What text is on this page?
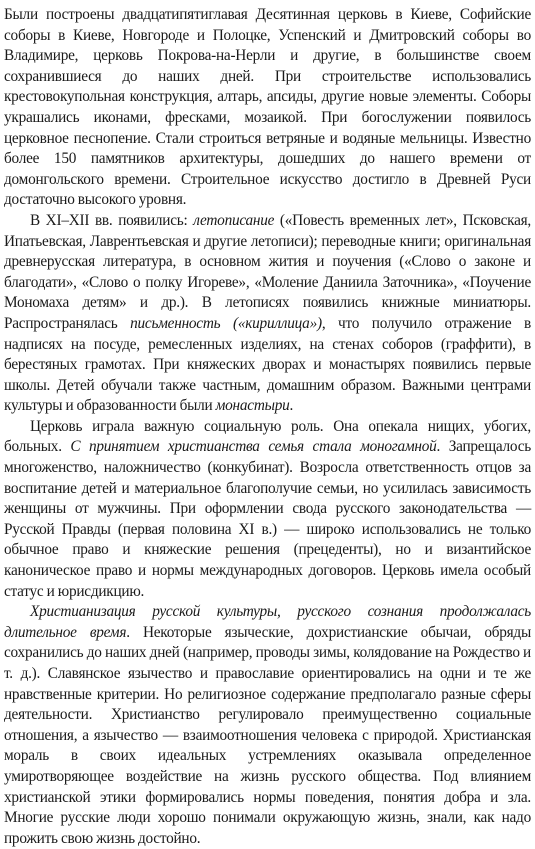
Были построены двадцатипятиглавая Десятинная церковь в Киеве, Софийские соборы в Киеве, Новгороде и Полоцке, Успенский и Дмитровский соборы во Владимире, церковь Покрова-на-Нерли и другие, в большинстве своем сохранившиеся до наших дней. При строительстве использовались крестовокупольная конструкция, алтарь, апсиды, другие новые элементы. Соборы украшались иконами, фресками, мозаикой. При богослужении появилось церковное песнопение. Стали строиться ветряные и водяные мельницы. Известно более 150 памятников архитектуры, дошедших до нашего времени от домонгольского времени. Строительное искусство достигло в Древней Руси достаточно высокого уровня.

В XI–XII вв. появились: летописание («Повесть временных лет», Псковская, Ипатьевская, Лаврентьевская и другие летописи); переводные книги; оригинальная древнерусская литература, в основном жития и поучения («Слово о законе и благодати», «Слово о полку Игореве», «Моление Даниила Заточника», «Поучение Мономаха детям» и др.). В летописях появились книжные миниатюры. Распространялась письменность («кириллица»), что получило отражение в надписях на посуде, ремесленных изделиях, на стенах соборов (граффити), в берестяных грамотах. При княжеских дворах и монастырях появились первые школы. Детей обучали также частным, домашним образом. Важными центрами культуры и образованности были монастыри.

Церковь играла важную социальную роль. Она опекала нищих, убогих, больных. С принятием христианства семья стала моногамной. Запрещалось многоженство, наложничество (конкубинат). Возросла ответственность отцов за воспитание детей и материальное благополучие семьи, но усилилась зависимость женщины от мужчины. При оформлении свода русского законодательства — Русской Правды (первая половина XI в.) — широко использовались не только обычное право и княжеские решения (прецеденты), но и византийское каноническое право и нормы международных договоров. Церковь имела особый статус и юрисдикцию.

Христианизация русской культуры, русского сознания продолжалась длительное время. Некоторые языческие, дохристианские обычаи, обряды сохранились до наших дней (например, проводы зимы, колядование на Рождество и т. д.). Славянское язычество и православие ориентировались на одни и те же нравственные критерии. Но религиозное содержание предполагало разные сферы деятельности. Христианство регулировало преимущественно социальные отношения, а язычество — взаимоотношения человека с природой. Христианская мораль в своих идеальных устремлениях оказывала определенное умиротворяющее воздействие на жизнь русского общества. Под влиянием христианской этики формировались нормы поведения, понятия добра и зла. Многие русские люди хорошо понимали окружающую жизнь, знали, как надо прожить свою жизнь достойно.
